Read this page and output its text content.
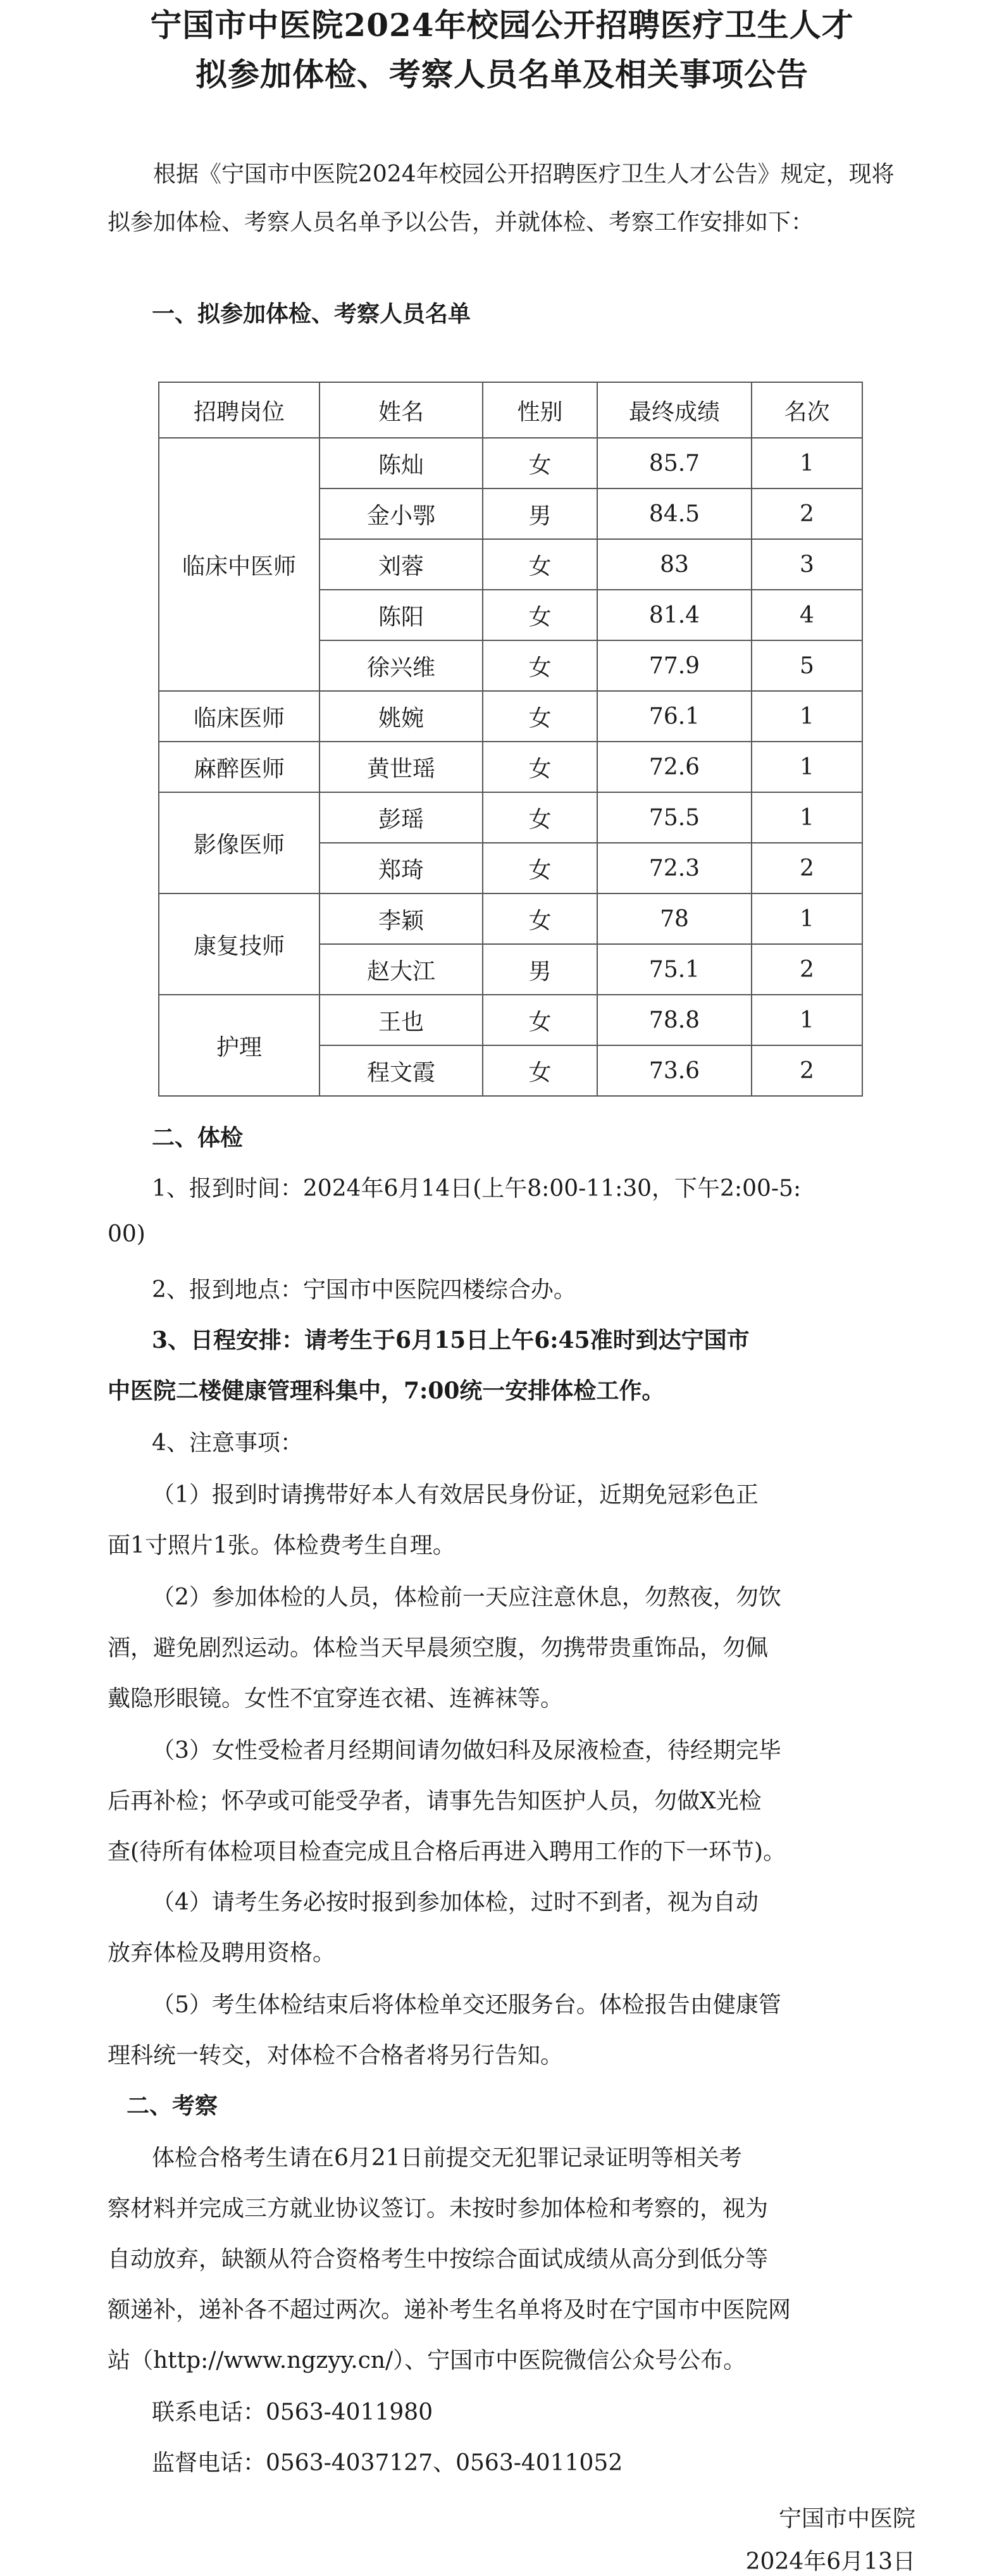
宁国市中医院2024年校园公开招聘医疗卫生人才
拟参加体检、考察人员名单及相关事项公告
根据《宁国市中医院2024年校园公开招聘医疗卫生人才公告》规定，现将拟参加体检、考察人员名单予以公告，并就体检、考察工作安排如下：
一、拟参加体检、考察人员名单
招聘岗位	姓名	性别	最终成绩	名次
临床中医师	陈灿	女	85.7	1
	金小鄂	男	84.5	2
	刘蓉	女	83	3
	陈阳	女	81.4	4
	徐兴维	女	77.9	5
临床医师	姚婉	女	76.1	1
麻醉医师	黄世瑶	女	72.6	1
影像医师	彭瑶	女	75.5	1
	郑琦	女	72.3	2
康复技师	李颖	女	78	1
	赵大江	男	75.1	2
护理	王也	女	78.8	1
	程文霞	女	73.6	2
二、体检
1、报到时间：2024年6月14日(上午8:00-11:30，下午2:00-5:
00)
2、报到地点：宁国市中医院四楼综合办。
3、日程安排：请考生于6月15日上午6:45准时到达宁国市
中医院二楼健康管理科集中，7:00统一安排体检工作。
4、注意事项：
（1）报到时请携带好本人有效居民身份证，近期免冠彩色正
面1寸照片1张。体检费考生自理。
（2）参加体检的人员，体检前一天应注意休息，勿熬夜，勿饮
酒，避免剧烈运动。体检当天早晨须空腹，勿携带贵重饰品，勿佩
戴隐形眼镜。女性不宜穿连衣裙、连裤袜等。
（3）女性受检者月经期间请勿做妇科及尿液检查，待经期完毕
后再补检；怀孕或可能受孕者，请事先告知医护人员，勿做X光检
查(待所有体检项目检查完成且合格后再进入聘用工作的下一环节)。
（4）请考生务必按时报到参加体检，过时不到者，视为自动
放弃体检及聘用资格。
（5）考生体检结束后将体检单交还服务台。体检报告由健康管
理科统一转交，对体检不合格者将另行告知。
二、考察
体检合格考生请在6月21日前提交无犯罪记录证明等相关考
察材料并完成三方就业协议签订。未按时参加体检和考察的，视为
自动放弃，缺额从符合资格考生中按综合面试成绩从高分到低分等
额递补，递补各不超过两次。递补考生名单将及时在宁国市中医院网
站（http://www.ngzyy.cn/）、宁国市中医院微信公众号公布。
联系电话：0563-4011980
监督电话：0563-4037127、0563-4011052
宁国市中医院
2024年6月13日
